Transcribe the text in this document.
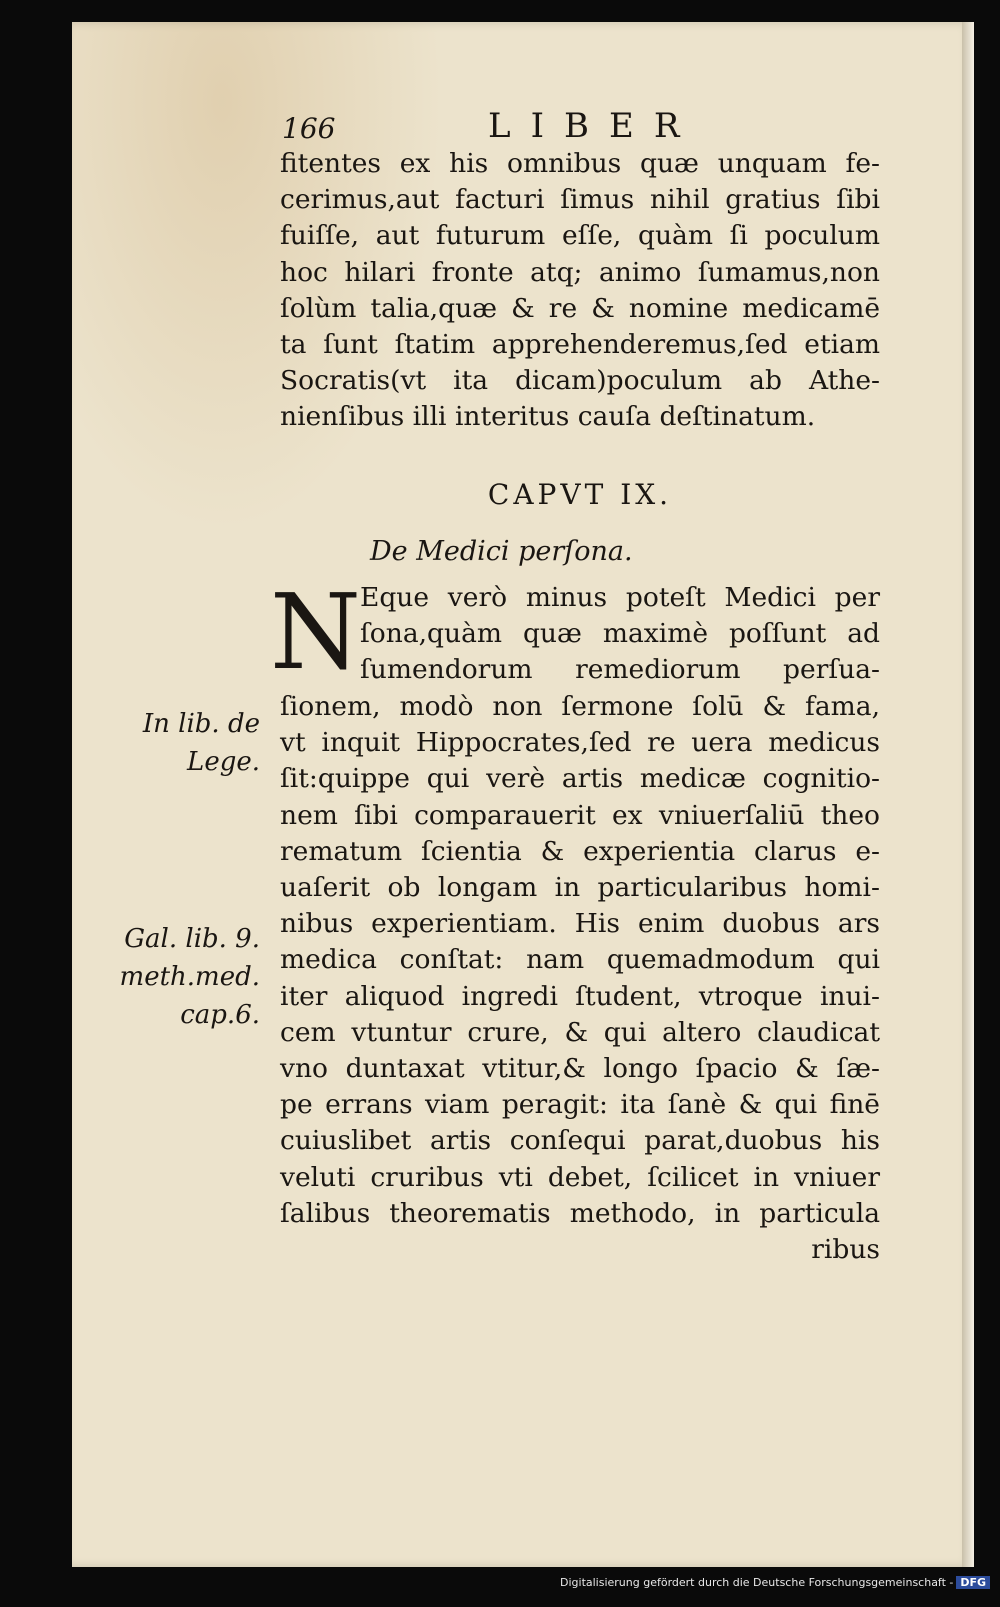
166	LIBER
fitentes ex his omnibus quæ unquam fe-
cerimus,aut facturi ſimus nihil gratius ſibi
fuiſſe, aut futurum eſſe, quàm ſi poculum
hoc hilari fronte atq; animo ſumamus,non
ſolùm talia,quæ & re & nomine medicamē
ta ſunt ſtatim apprehenderemus,ſed etiam
Socratis(vt ita dicam)poculum ab Athe-
nienſibus illi interitus cauſa deſtinatum.
CAPVT IX.
De Medici perſona.
N Eque verò minus poteſt Medici per
ſona,quàm quæ maximè poſſunt ad
ſumendorum remediorum perſua-
ſionem, modò non ſermone ſolū & fama,
vt inquit Hippocrates,ſed re uera medicus
ſit:quippe qui verè artis medicæ cognitio-
nem ſibi comparauerit ex vniuerſaliū theo
rematum ſcientia & experientia clarus e-
uaſerit ob longam in particularibus homi-
nibus experientiam. His enim duobus ars
medica conſtat: nam quemadmodum qui
iter aliquod ingredi ſtudent, vtroque inui-
cem vtuntur crure, & qui altero claudicat
vno duntaxat vtitur,& longo ſpacio & ſæ-
pe errans viam peragit: ita ſanè & qui finē
cuiuslibet artis conſequi parat,duobus his
veluti cruribus vti debet, ſcilicet in vniuer
ſalibus theorematis methodo, in particula
ribus
In lib. de
Lege.
Gal. lib. 9.
meth.med.
cap.6.
Digitalisierung gefördert durch die Deutsche Forschungsgemeinschaft - DFG
